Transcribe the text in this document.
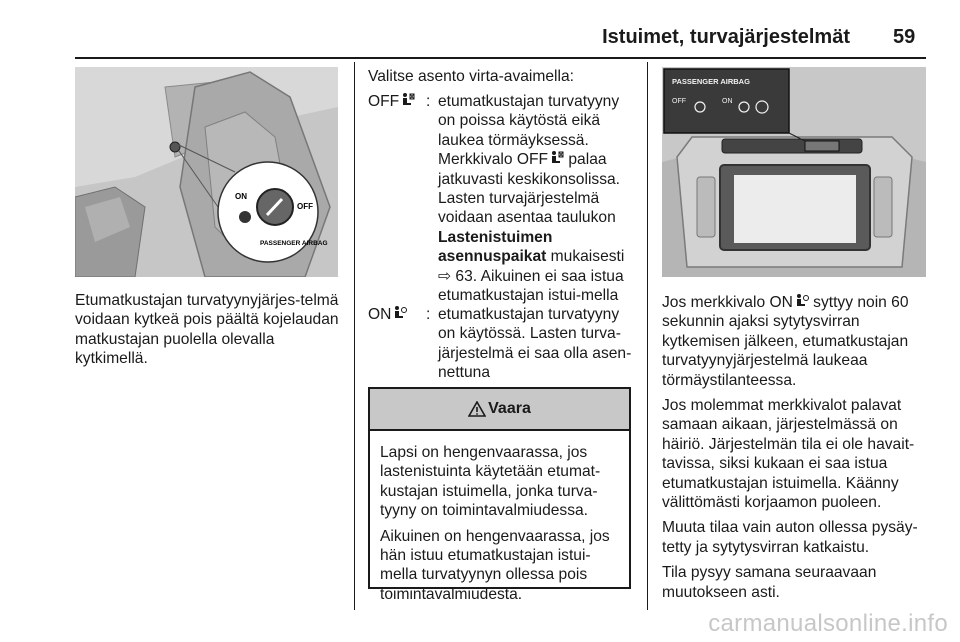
Istuimet, turvajärjestelmät 59
ON
OFF
PASSENGER AIRBAG
Etumatkustajan turvatyynyjärjes-telmä voidaan kytkeä pois päältä kojelaudan matkustajan puolella olevalla kytkimellä.
Valitse asento virta-avaimella:
OFF	: etumatkustajan turvatyyny on poissa käytöstä eikä laukea törmäyksessä. Merkkivalo OFF palaa jatkuvasti keskikonsolissa. Lasten turvajärjestelmä voidaan asentaa taulukon Lastenistuimen asennuspaikat mukaisesti ⇨ 63. Aikuinen ei saa istua etumatkustajan istui-mella
ON	: etumatkustajan turvatyyny on käytössä. Lasten turva-järjestelmä ei saa olla asen-nettuna
Vaara

Lapsi on hengenvaarassa, jos lastenistuinta käytetään etumat-kustajan istuimella, jonka turva-tyyny on toimintavalmiudessa.

Aikuinen on hengenvaarassa, jos hän istuu etumatkustajan istui-mella turvatyynyn ollessa pois toimintavalmiudesta.

PASSENGER AIRBAG
OFF	ON

Jos merkkivalo ON syttyy noin 60 sekunnin ajaksi sytytysvirran kytkemisen jälkeen, etumatkustajan turvatyynyjärjestelmä laukeaa törmäystilanteessa.

Jos molemmat merkkivalot palavat samaan aikaan, järjestelmässä on häiriö. Järjestelmän tila ei ole havait-tavissa, siksi kukaan ei saa istua etumatkustajan istuimella. Käänny välittömästi korjaamon puoleen.

Muuta tilaa vain auton ollessa pysäy-tetty ja sytytysvirran katkaistu.

Tila pysyy samana seuraavaan muutokseen asti.

carmanualsonline.info
